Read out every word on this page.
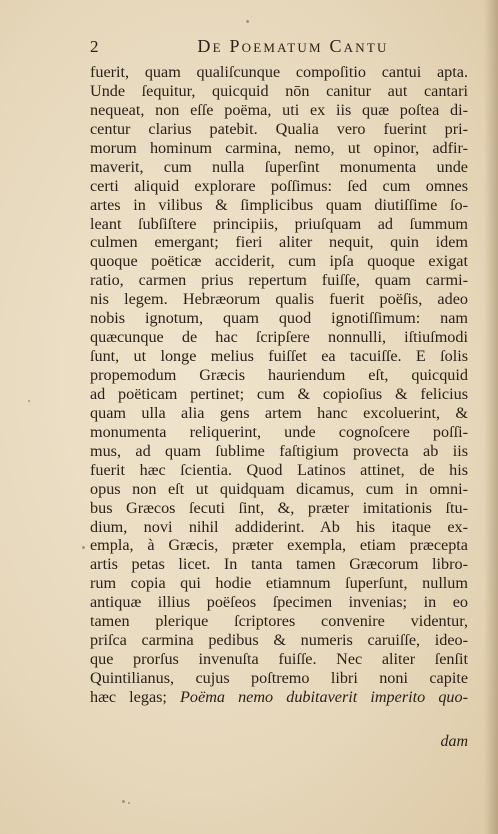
2	De Poematum Cantu
fuerit, quam qualiſcunque compoſitio cantui apta.
Unde ſequitur, quicquid nōn canitur aut cantari
nequeat, non eſſe poëma, uti ex iis quæ poſtea di-
centur clarius patebit. Qualia vero fuerint pri-
morum hominum carmina, nemo, ut opinor, adfir-
maverit, cum nulla ſuperſint monumenta unde
certi aliquid explorare poſſimus: ſed cum omnes
artes in vilibus & ſimplicibus quam diutiſſime ſo-
leant ſubſiſtere principiis, priuſquam ad ſummum
culmen emergant; fieri aliter nequit, quin idem
quoque poëticæ acciderit, cum ipſa quoque exigat
ratio, carmen prius repertum fuiſſe, quam carmi-
nis legem. Hebræorum qualis fuerit poëſis, adeo
nobis ignotum, quam quod ignotiſſimum: nam
quæcunque de hac ſcripſere nonnulli, iſtiuſmodi
ſunt, ut longe melius fuiſſet ea tacuiſſe. E ſolis
propemodum Græcis hauriendum eſt, quicquid
ad poëticam pertinet; cum & copioſius & felicius
quam ulla alia gens artem hanc excoluerint, &
monumenta reliquerint, unde cognoſcere poſſi-
mus, ad quam ſublime faſtigium provecta ab iis
fuerit hæc ſcientia. Quod Latinos attinet, de his
opus non eſt ut quidquam dicamus, cum in omni-
bus Græcos ſecuti ſint, &, præter imitationis ſtu-
dium, novi nihil addiderint. Ab his itaque ex-
empla, à Græcis, præter exempla, etiam præcepta
artis petas licet. In tanta tamen Græcorum libro-
rum copia qui hodie etiamnum ſuperſunt, nullum
antiquæ illius poëſeos ſpecimen invenias; in eo
tamen plerique ſcriptores convenire videntur,
priſca carmina pedibus & numeris caruiſſe, ideo-
que prorſus invenuſta fuiſſe. Nec aliter ſenſit
Quintilianus, cujus poſtremo libri noni capite
hæc legas; Poëma nemo dubitaverit imperito quo-
dam
